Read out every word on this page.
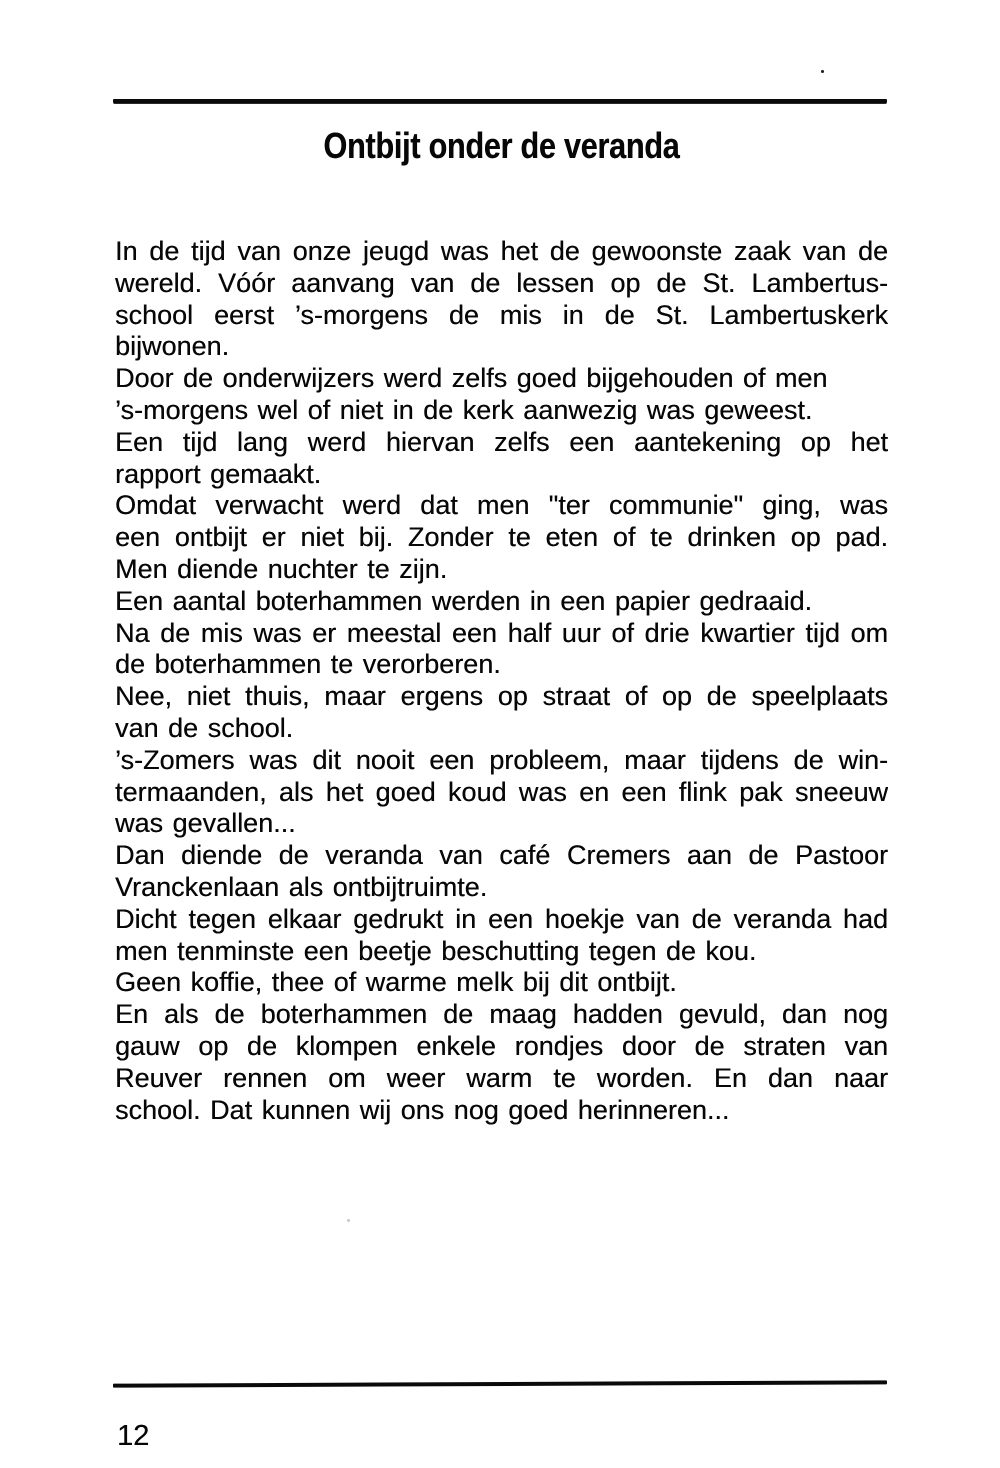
Ontbijt onder de veranda
In de tijd van onze jeugd was het de gewoonste zaak van de
wereld. Vóór aanvang van de lessen op de St. Lambertus-
school eerst ’s-morgens de mis in de St. Lambertuskerk
bijwonen.
Door de onderwijzers werd zelfs goed bijgehouden of men
’s-morgens wel of niet in de kerk aanwezig was geweest.
Een tijd lang werd hiervan zelfs een aantekening op het
rapport gemaakt.
Omdat verwacht werd dat men "ter communie" ging, was
een ontbijt er niet bij. Zonder te eten of te drinken op pad.
Men diende nuchter te zijn.
Een aantal boterhammen werden in een papier gedraaid.
Na de mis was er meestal een half uur of drie kwartier tijd om
de boterhammen te verorberen.
Nee, niet thuis, maar ergens op straat of op de speelplaats
van de school.
’s-Zomers was dit nooit een probleem, maar tijdens de win-
termaanden, als het goed koud was en een flink pak sneeuw
was gevallen...
Dan diende de veranda van café Cremers aan de Pastoor
Vranckenlaan als ontbijtruimte.
Dicht tegen elkaar gedrukt in een hoekje van de veranda had
men tenminste een beetje beschutting tegen de kou.
Geen koffie, thee of warme melk bij dit ontbijt.
En als de boterhammen de maag hadden gevuld, dan nog
gauw op de klompen enkele rondjes door de straten van
Reuver rennen om weer warm te worden. En dan naar
school. Dat kunnen wij ons nog goed herinneren...
12
